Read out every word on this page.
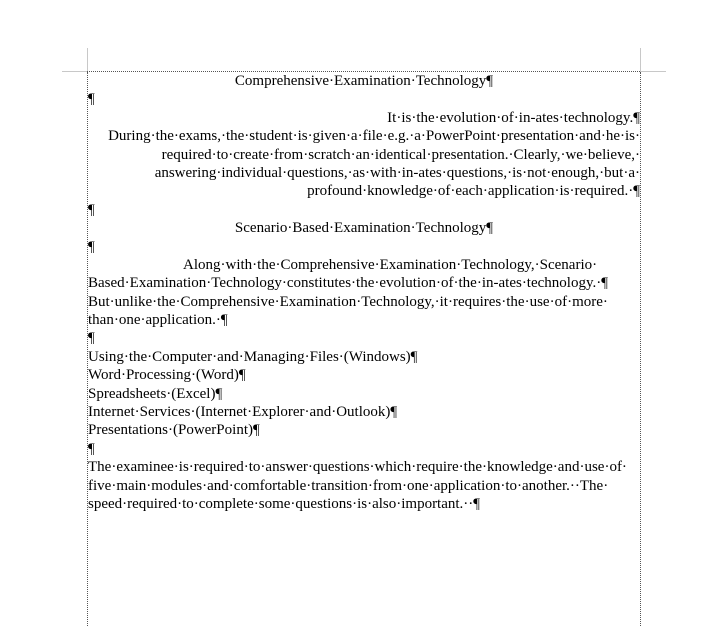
Comprehensive·Examination·Technology¶
¶
It·is·the·evolution·of·in-ates·technology.¶
During·the·exams,·the·student·is·given·a·file·e.g.·a·PowerPoint·presentation·and·he·is·
required·to·create·from·scratch·an·identical·presentation.·Clearly,·we·believe,·
answering·individual·questions,·as·with·in-ates·questions,·is·not·enough,·but·a·
profound·knowledge·of·each·application·is·required.·¶
¶
Scenario·Based·Examination·Technology¶
¶
Along·with·the·Comprehensive·Examination·Technology,·Scenario·
Based·Examination·Technology·constitutes·the·evolution·of·the·in-ates·technology.·¶
But·unlike·the·Comprehensive·Examination·Technology,·it·requires·the·use·of·more·
than·one·application.·¶
¶
Using·the·Computer·and·Managing·Files·(Windows)¶
Word·Processing·(Word)¶
Spreadsheets·(Excel)¶
Internet·Services·(Internet·Explorer·and·Outlook)¶
Presentations·(PowerPoint)¶
¶
The·examinee·is·required·to·answer·questions·which·require·the·knowledge·and·use·of·
five·main·modules·and·comfortable·transition·from·one·application·to·another.··The·
speed·required·to·complete·some·questions·is·also·important.··¶
